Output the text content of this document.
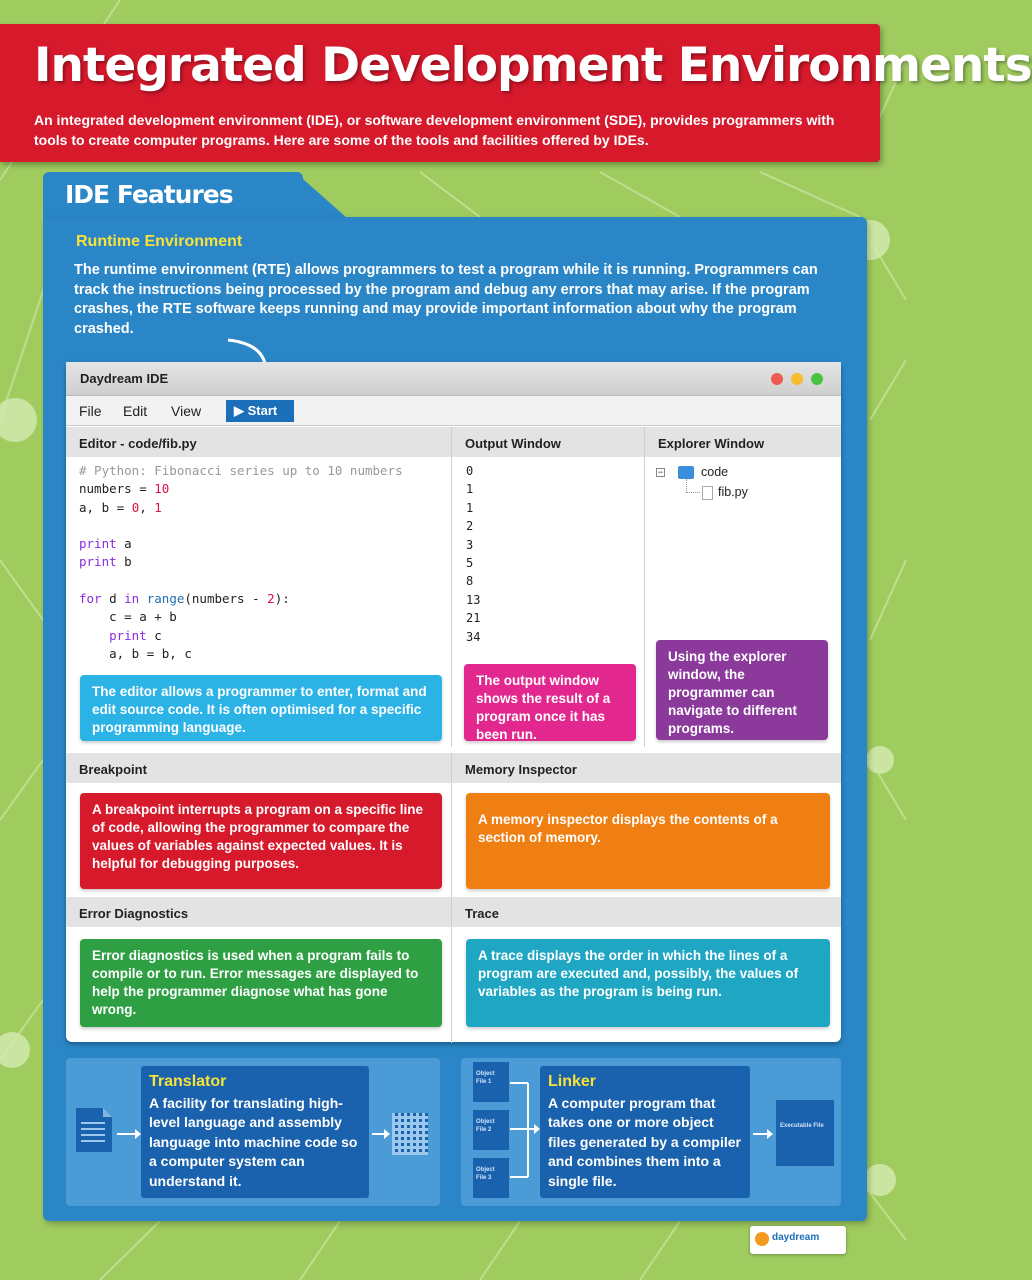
Integrated Development Environments

An integrated development environment (IDE), or software development environment (SDE), provides programmers with tools to create computer programs. Here are some of the tools and facilities offered by IDEs.

IDE Features
Runtime Environment
The runtime environment (RTE) allows programmers to test a program while it is running. Programmers can track the instructions being processed by the program and debug any errors that may arise. If the program crashes, the RTE software keeps running and may provide important information about why the program crashed.
Daydream IDE
File Edit View	▶ Start
Editor - code/fib.py	Output Window	Explorer Window
# Python: Fibonacci series up to 10 numbers
numbers = 10
a, b = 0, 1

print a
print b

for d in range(numbers - 2):
c = a + b
print c
a, b = b, c
0
1
1
2
3
5
8
13
21
34
−	code
fib.py
The editor allows a programmer to enter, format and edit source code. It is often optimised for a specific programming language.
The output window shows the result of a program once it has been run.
Using the explorer window, the programmer can navigate to different programs.
Breakpoint	Memory Inspector
A breakpoint interrupts a program on a specific line of code, allowing the programmer to compare the values of variables against expected values. It is helpful for debugging purposes.
A memory inspector displays the contents of a section of memory.
Error Diagnostics	Trace
Error diagnostics is used when a program fails to compile or to run. Error messages are displayed to help the programmer diagnose what has gone wrong.
A trace displays the order in which the lines of a program are executed and, possibly, the values of variables as the program is being run.
Translator
A facility for translating high-level language and assembly language into machine code so a computer system can understand it.
Object File 1
Object File 2
Object File 3
Linker
A computer program that takes one or more object files generated by a compiler and combines them into a single file.
Executable File
daydream
